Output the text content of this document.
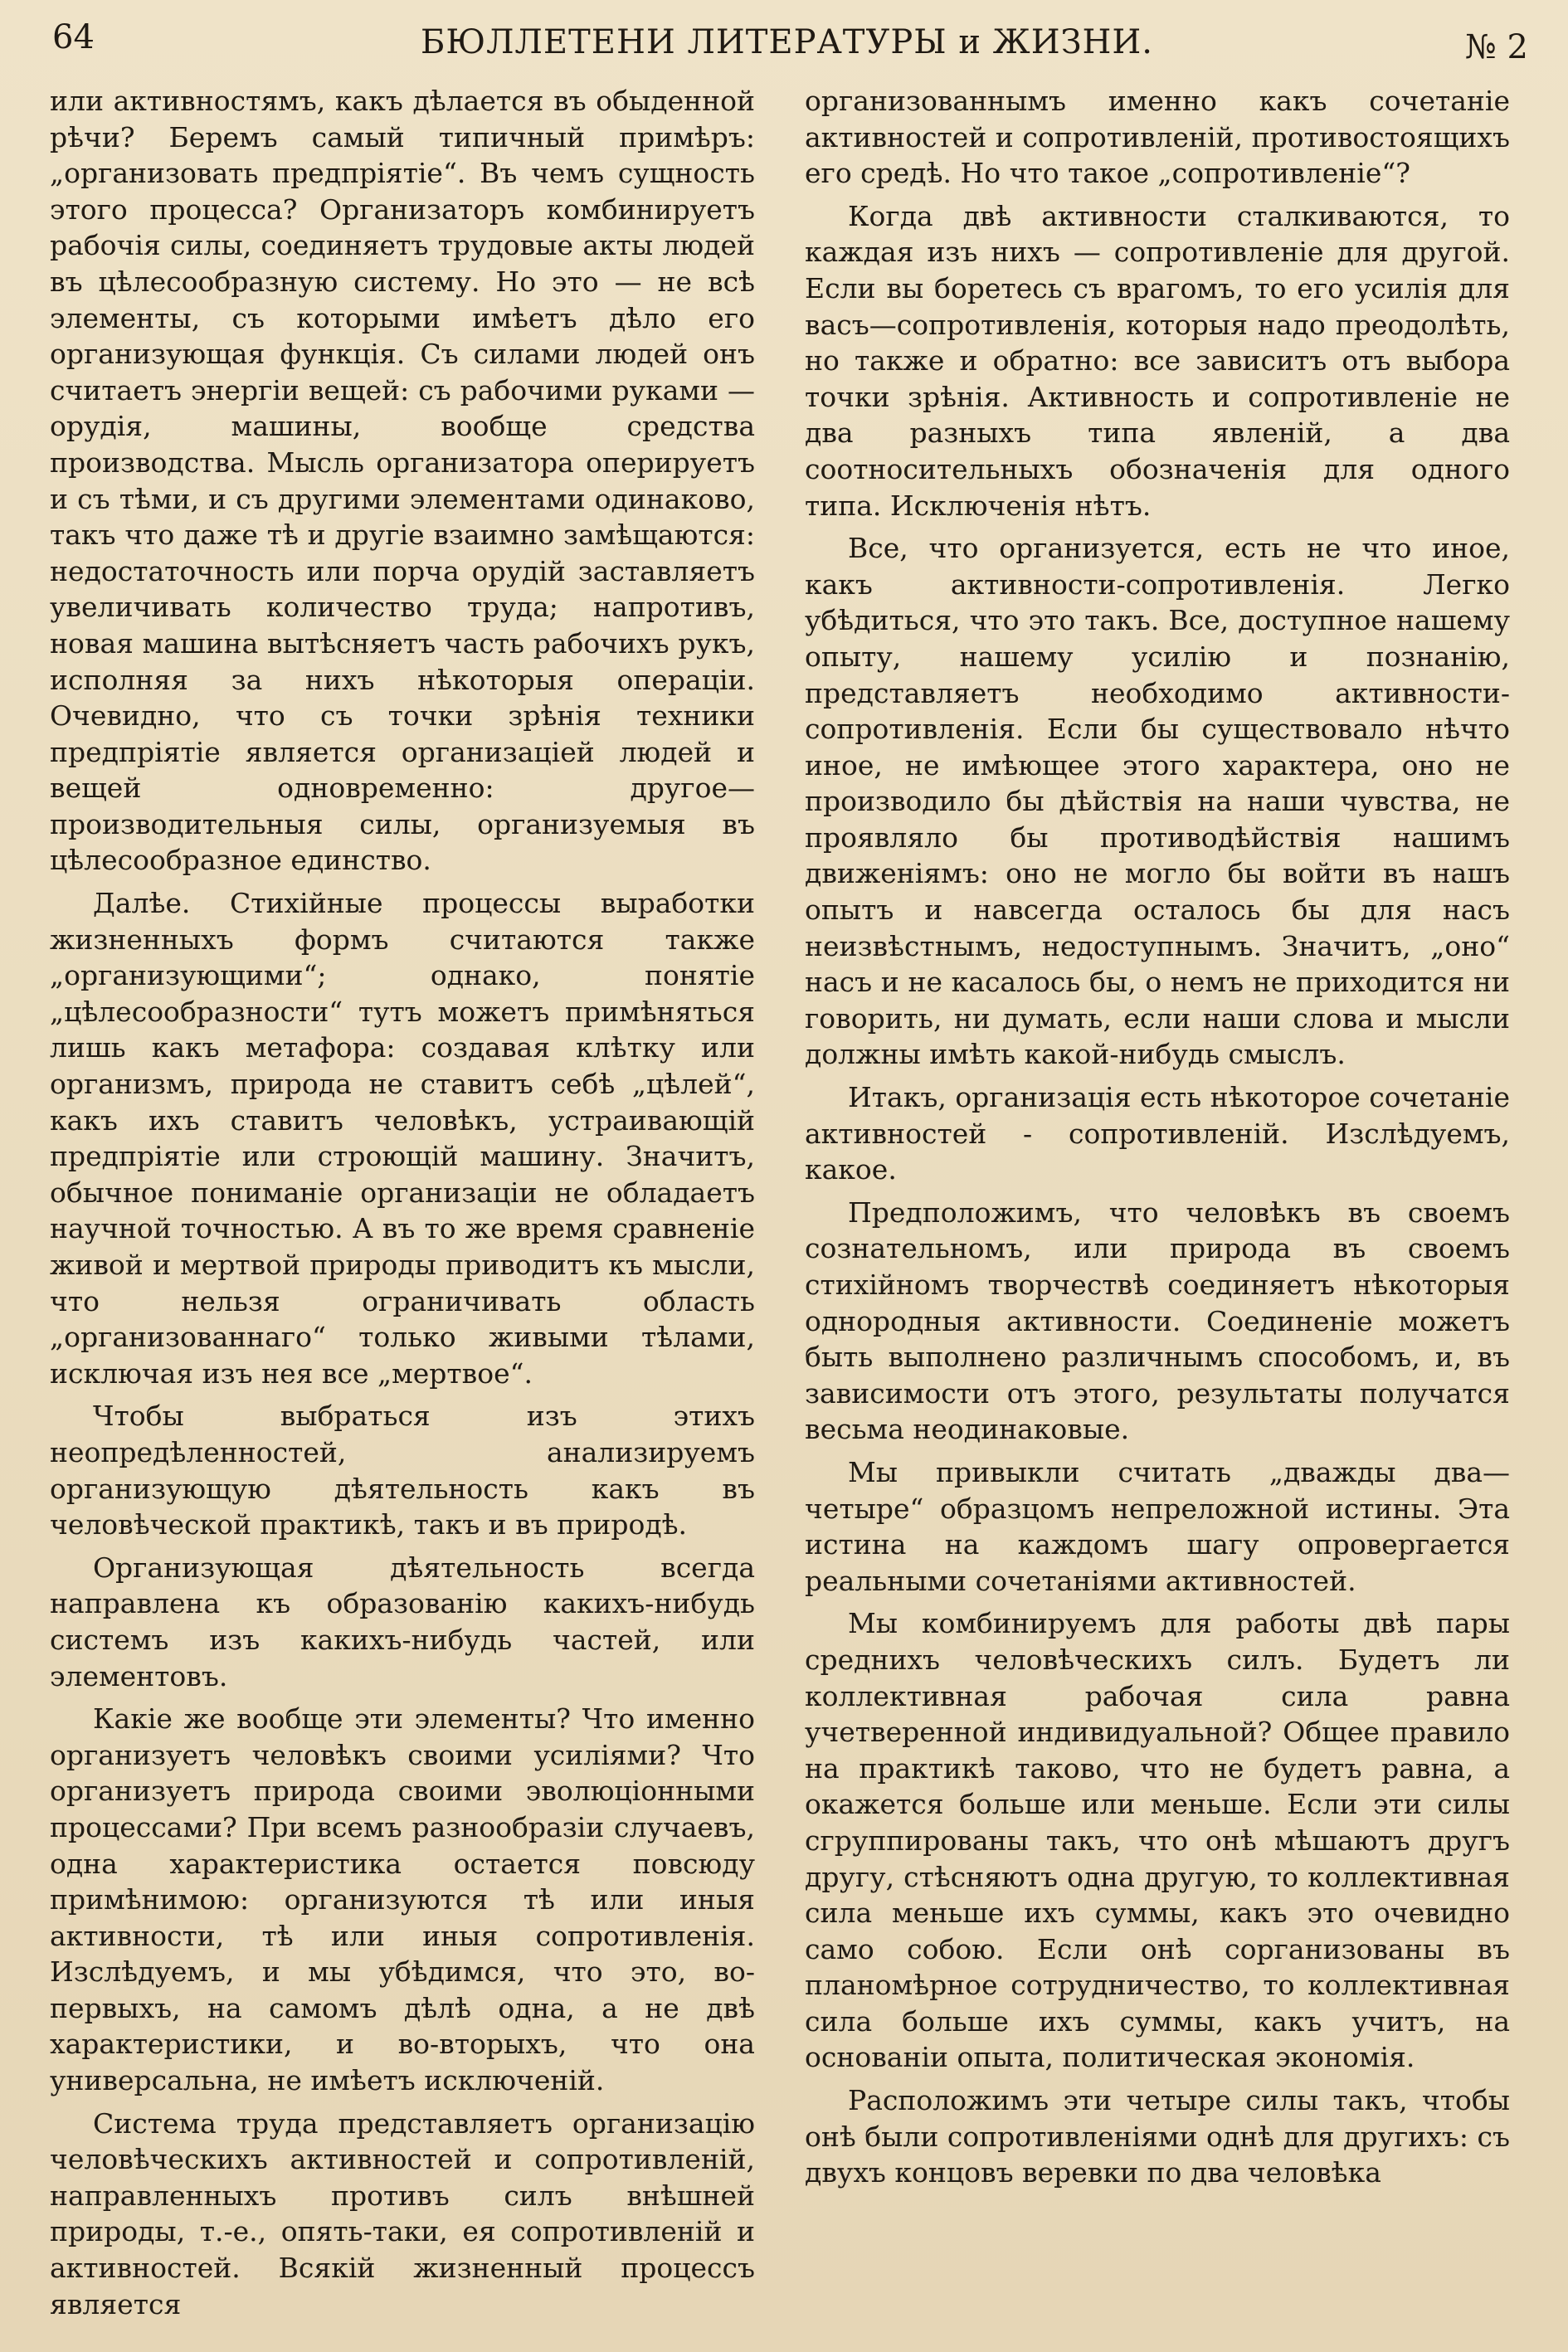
64	БЮЛЛЕТЕНИ ЛИТЕРАТУРЫ и ЖИЗНИ.	№ 2

или активностямъ, какъ дѣлается въ обыденной рѣчи? Беремъ самый типичный примѣръ: „организовать предпріятіе“. Въ чемъ сущность этого процесса? Организаторъ комбинируетъ рабочія силы, соединяетъ трудовые акты людей въ цѣлесообразную систему. Но это — не всѣ элементы, съ которыми имѣетъ дѣло его организующая функція. Съ силами людей онъ считаетъ энергіи вещей: съ рабочими руками — орудія, машины, вообще средства производства. Мысль организатора оперируетъ и съ тѣми, и съ другими элементами одинаково, такъ что даже тѣ и другіе взаимно замѣщаются: недостаточность или порча орудій заставляетъ увеличивать количество труда; напротивъ, новая машина вытѣсняетъ часть рабочихъ рукъ, исполняя за нихъ нѣкоторыя операціи. Очевидно, что съ точки зрѣнія техники предпріятіе является организаціей людей и вещей одновременно: другое—производительныя силы, организуемыя въ цѣлесообразное единство.

Далѣе. Стихійные процессы выработки жизненныхъ формъ считаются также „организующими“; однако, понятіе „цѣлесообразности“ тутъ можетъ примѣняться лишь какъ метафора: создавая клѣтку или организмъ, природа не ставитъ себѣ „цѣлей“, какъ ихъ ставитъ человѣкъ, устраивающій предпріятіе или строющій машину. Значитъ, обычное пониманіе организаціи не обладаетъ научной точностью. А въ то же время сравненіе живой и мертвой природы приводитъ къ мысли, что нельзя ограничивать область „организованнаго“ только живыми тѣлами, исключая изъ нея все „мертвое“.

Чтобы выбраться изъ этихъ неопредѣленностей, анализируемъ организующую дѣятельность какъ въ человѣческой практикѣ, такъ и въ природѣ.

Организующая дѣятельность всегда направлена къ образованію какихъ-нибудь системъ изъ какихъ-нибудь частей, или элементовъ.

Какіе же вообще эти элементы? Что именно организуетъ человѣкъ своими усиліями? Что организуетъ природа своими эволюціонными процессами? При всемъ разнообразіи случаевъ, одна характеристика остается повсюду примѣнимою: организуются тѣ или иныя активности, тѣ или иныя сопротивленія. Изслѣдуемъ, и мы убѣдимся, что это, во-первыхъ, на самомъ дѣлѣ одна, а не двѣ характеристики, и во-вторыхъ, что она универсальна, не имѣетъ исключеній.

Система труда представляетъ организацію человѣческихъ активностей и сопротивленій, направленныхъ противъ силъ внѣшней природы, т.-е., опять-таки, ея сопротивленій и активностей. Всякій жизненный процессъ является

организованнымъ именно какъ сочетаніе активностей и сопротивленій, противостоящихъ его средѣ. Но что такое „сопротивленіе“?

Когда двѣ активности сталкиваются, то каждая изъ нихъ — сопротивленіе для другой. Если вы боретесь съ врагомъ, то его усилія для васъ—сопротивленія, которыя надо преодолѣть, но также и обратно: все зависитъ отъ выбора точки зрѣнія. Активность и сопротивленіе не два разныхъ типа явленій, а два соотносительныхъ обозначенія для одного типа. Исключенія нѣтъ.

Все, что организуется, есть не что иное, какъ активности-сопротивленія. Легко убѣдиться, что это такъ. Все, доступное нашему опыту, нашему усилію и познанію, представляетъ необходимо активности-сопротивленія. Если бы существовало нѣчто иное, не имѣющее этого характера, оно не производило бы дѣйствія на наши чувства, не проявляло бы противодѣйствія нашимъ движеніямъ: оно не могло бы войти въ нашъ опытъ и навсегда осталось бы для насъ неизвѣстнымъ, недоступнымъ. Значитъ, „оно“ насъ и не касалось бы, о немъ не приходится ни говорить, ни думать, если наши слова и мысли должны имѣть какой-нибудь смыслъ.

Итакъ, организація есть нѣкоторое сочетаніе активностей - сопротивленій. Изслѣдуемъ, какое.

Предположимъ, что человѣкъ въ своемъ сознательномъ, или природа въ своемъ стихійномъ творчествѣ соединяетъ нѣкоторыя однородныя активности. Соединеніе можетъ быть выполнено различнымъ способомъ, и, въ зависимости отъ этого, результаты получатся весьма неодинаковые.

Мы привыкли считать „дважды два—четыре“ образцомъ непреложной истины. Эта истина на каждомъ шагу опровергается реальными сочетаніями активностей.

Мы комбинируемъ для работы двѣ пары среднихъ человѣческихъ силъ. Будетъ ли коллективная рабочая сила равна учетверенной индивидуальной? Общее правило на практикѣ таково, что не будетъ равна, а окажется больше или меньше. Если эти силы сгруппированы такъ, что онѣ мѣшаютъ другъ другу, стѣсняютъ одна другую, то коллективная сила меньше ихъ суммы, какъ это очевидно само собою. Если онѣ сорганизованы въ планомѣрное сотрудничество, то коллективная сила больше ихъ суммы, какъ учитъ, на основаніи опыта, политическая экономія.

Расположимъ эти четыре силы такъ, чтобы онѣ были сопротивленіями однѣ для другихъ: съ двухъ концовъ веревки по два человѣка
